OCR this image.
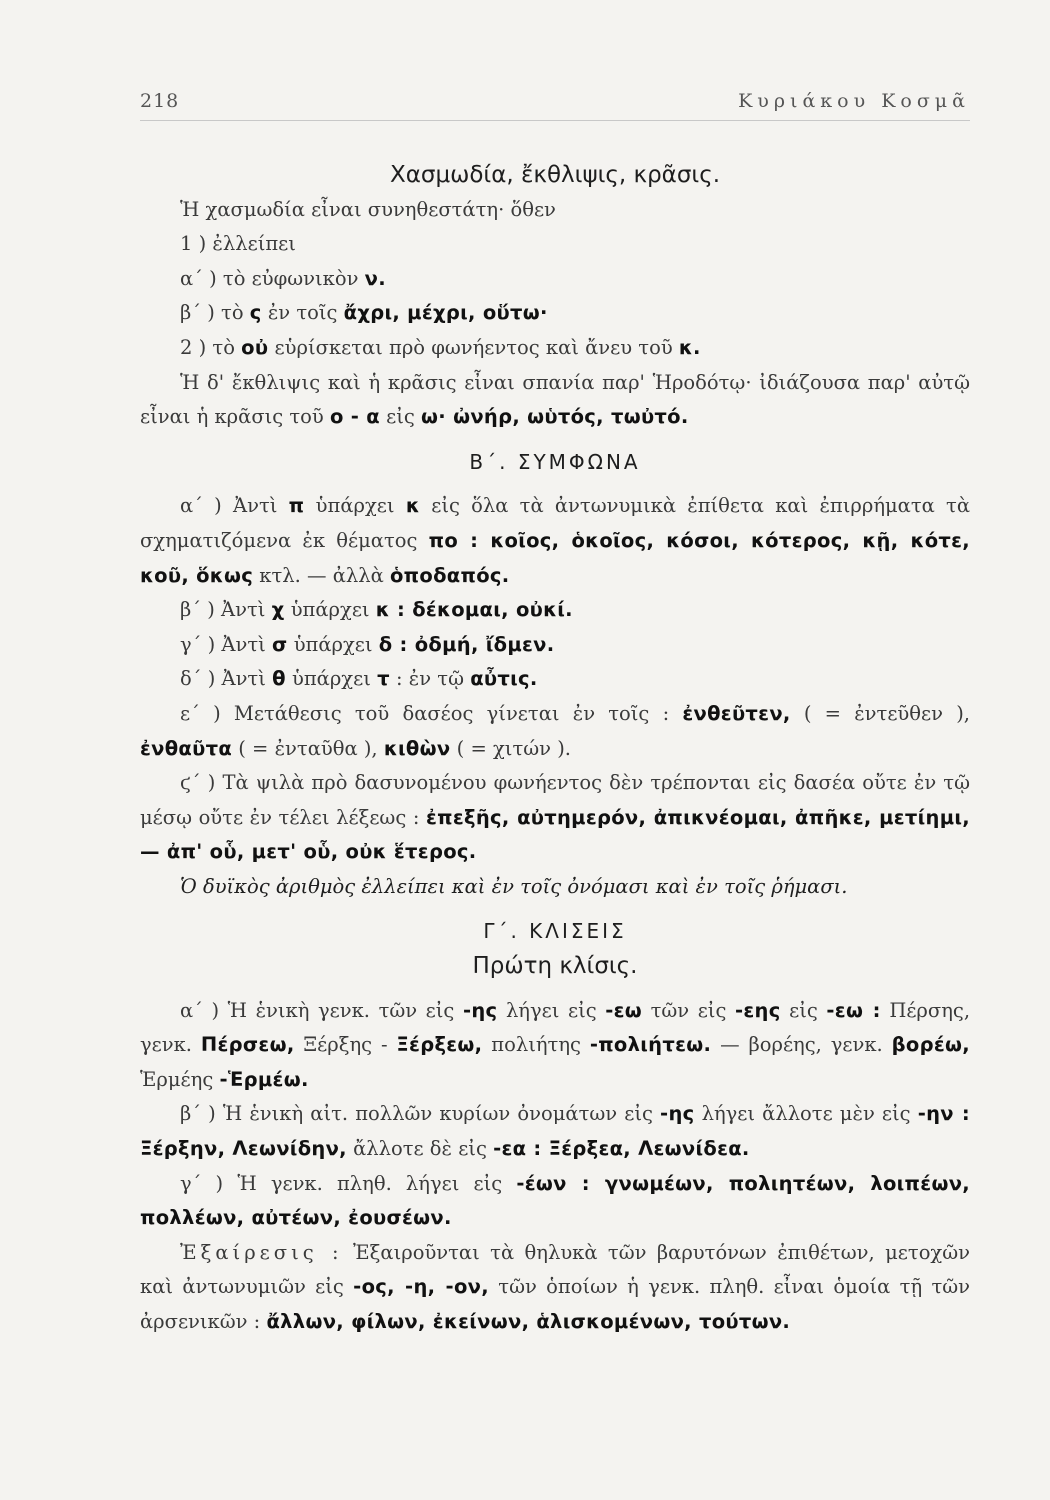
218	Κυριάκου Κοσμᾶ

Χασμωδία, ἔκθλιψις, κρᾶσις.

Ἡ χασμωδία εἶναι συνηθεστάτη· ὅθεν

1 ) ἐλλείπει

α΄ ) τὸ εὐφωνικὸν ν.

β΄ ) τὸ ς ἐν τοῖς ἄχρι, μέχρι, οὕτω·

2 ) τὸ οὐ εὑρίσκεται πρὸ φωνήεντος καὶ ἄνευ τοῦ κ.

Ἡ δ' ἔκθλιψις καὶ ἡ κρᾶσις εἶναι σπανία παρ' Ἡροδότῳ· ἰδιάζουσα παρ' αὐτῷ εἶναι ἡ κρᾶσις τοῦ ο - α εἰς ω· ὠνήρ, ωὑτός, τωὐτό.

Β΄. ΣΥΜΦΩΝΑ

α΄ ) Ἀντὶ π ὑπάρχει κ εἰς ὅλα τὰ ἀντωνυμικὰ ἐπίθετα καὶ ἐπιρρήματα τὰ σχηματιζόμενα ἐκ θέματος πο : κοῖος, ὁκοῖος, κόσοι, κότερος, κῇ, κότε, κοῦ, ὅκως κτλ. — ἀλλὰ ὁποδαπός.

β΄ ) Ἀντὶ χ ὑπάρχει κ : δέκομαι, οὐκί.

γ΄ ) Ἀντὶ σ ὑπάρχει δ : ὀδμή, ἴδμεν.

δ΄ ) Ἀντὶ θ ὑπάρχει τ : ἐν τῷ αὖτις.

ε΄ ) Μετάθεσις τοῦ δασέος γίνεται ἐν τοῖς : ἐνθεῦτεν, ( = ἐντεῦθεν ), ἐνθαῦτα ( = ἐνταῦθα ), κιθὼν ( = χιτών ).

ϛ΄ ) Τὰ ψιλὰ πρὸ δασυνομένου φωνήεντος δὲν τρέπονται εἰς δασέα οὔτε ἐν τῷ μέσῳ οὔτε ἐν τέλει λέξεως : ἐπεξῆς, αὐτημερόν, ἀπικνέομαι, ἀπῆκε, μετίημι, — ἀπ' οὗ, μετ' οὗ, οὐκ ἕτερος.

Ὁ δυϊκὸς ἀριθμὸς ἐλλείπει καὶ ἐν τοῖς ὀνόμασι καὶ ἐν τοῖς ῥήμασι.

Γ΄. ΚΛΙΣΕΙΣ

Πρώτη κλίσις.

α΄ ) Ἡ ἑνικὴ γενκ. τῶν εἰς -ης λήγει εἰς -εω τῶν εἰς -εης εἰς -εω : Πέρσης, γενκ. Πέρσεω, Ξέρξης - Ξέρξεω, πολιήτης -πολιήτεω. — βορέης, γενκ. βορέω, Ἑρμέης -Ἑρμέω.

β΄ ) Ἡ ἑνικὴ αἰτ. πολλῶν κυρίων ὀνομάτων εἰς -ης λήγει ἄλλοτε μὲν εἰς -ην : Ξέρξην, Λεωνίδην, ἄλλοτε δὲ εἰς -εα : Ξέρξεα, Λεωνίδεα.

γ΄ ) Ἡ γενκ. πληθ. λήγει εἰς -έων : γνωμέων, πολιητέων, λοιπέων, πολλέων, αὐτέων, ἐουσέων.

Ἐξαίρεσις : Ἐξαιροῦνται τὰ θηλυκὰ τῶν βαρυτόνων ἐπιθέτων, μετοχῶν καὶ ἀντωνυμιῶν εἰς -ος, -η, -ον, τῶν ὁποίων ἡ γενκ. πληθ. εἶναι ὁμοία τῇ τῶν ἀρσενικῶν : ἄλλων, φίλων, ἐκείνων, ἁλισκομένων, τούτων.
